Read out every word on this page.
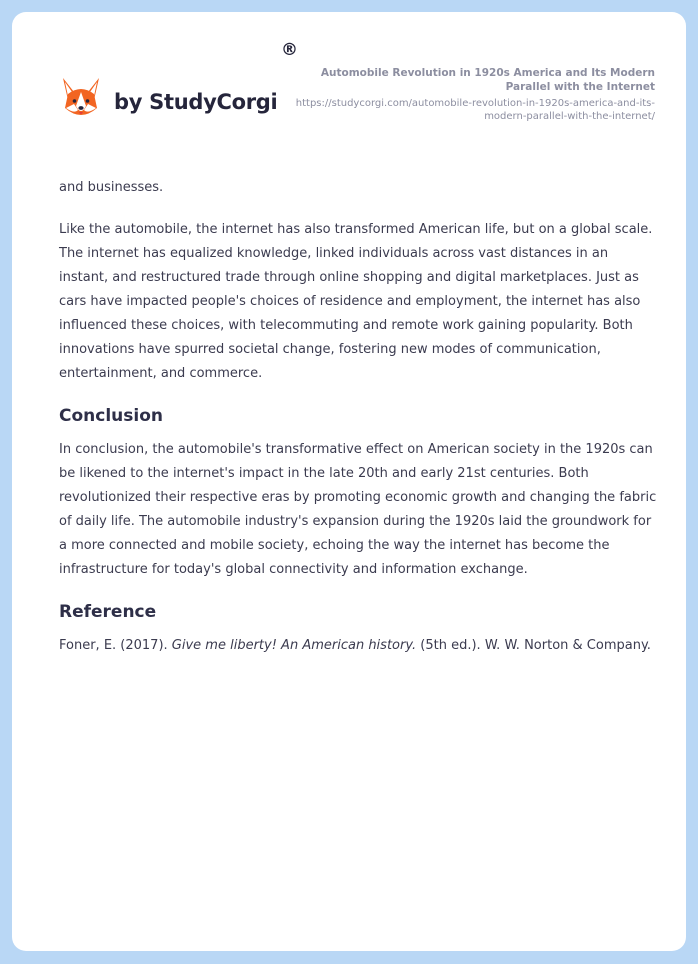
by StudyCorgi
®
Automobile Revolution in 1920s America and Its Modern Parallel with the Internet
https://studycorgi.com/automobile-revolution-in-1920s-america-and-its-modern-parallel-with-the-internet/

and businesses.

Like the automobile, the internet has also transformed American life, but on a global scale. The internet has equalized knowledge, linked individuals across vast distances in an instant, and restructured trade through online shopping and digital marketplaces. Just as cars have impacted people's choices of residence and employment, the internet has also influenced these choices, with telecommuting and remote work gaining popularity. Both innovations have spurred societal change, fostering new modes of communication, entertainment, and commerce.

Conclusion

In conclusion, the automobile's transformative effect on American society in the 1920s can be likened to the internet's impact in the late 20th and early 21st centuries. Both revolutionized their respective eras by promoting economic growth and changing the fabric of daily life. The automobile industry's expansion during the 1920s laid the groundwork for a more connected and mobile society, echoing the way the internet has become the infrastructure for today's global connectivity and information exchange.

Reference

Foner, E. (2017). Give me liberty! An American history. (5th ed.). W. W. Norton & Company.
